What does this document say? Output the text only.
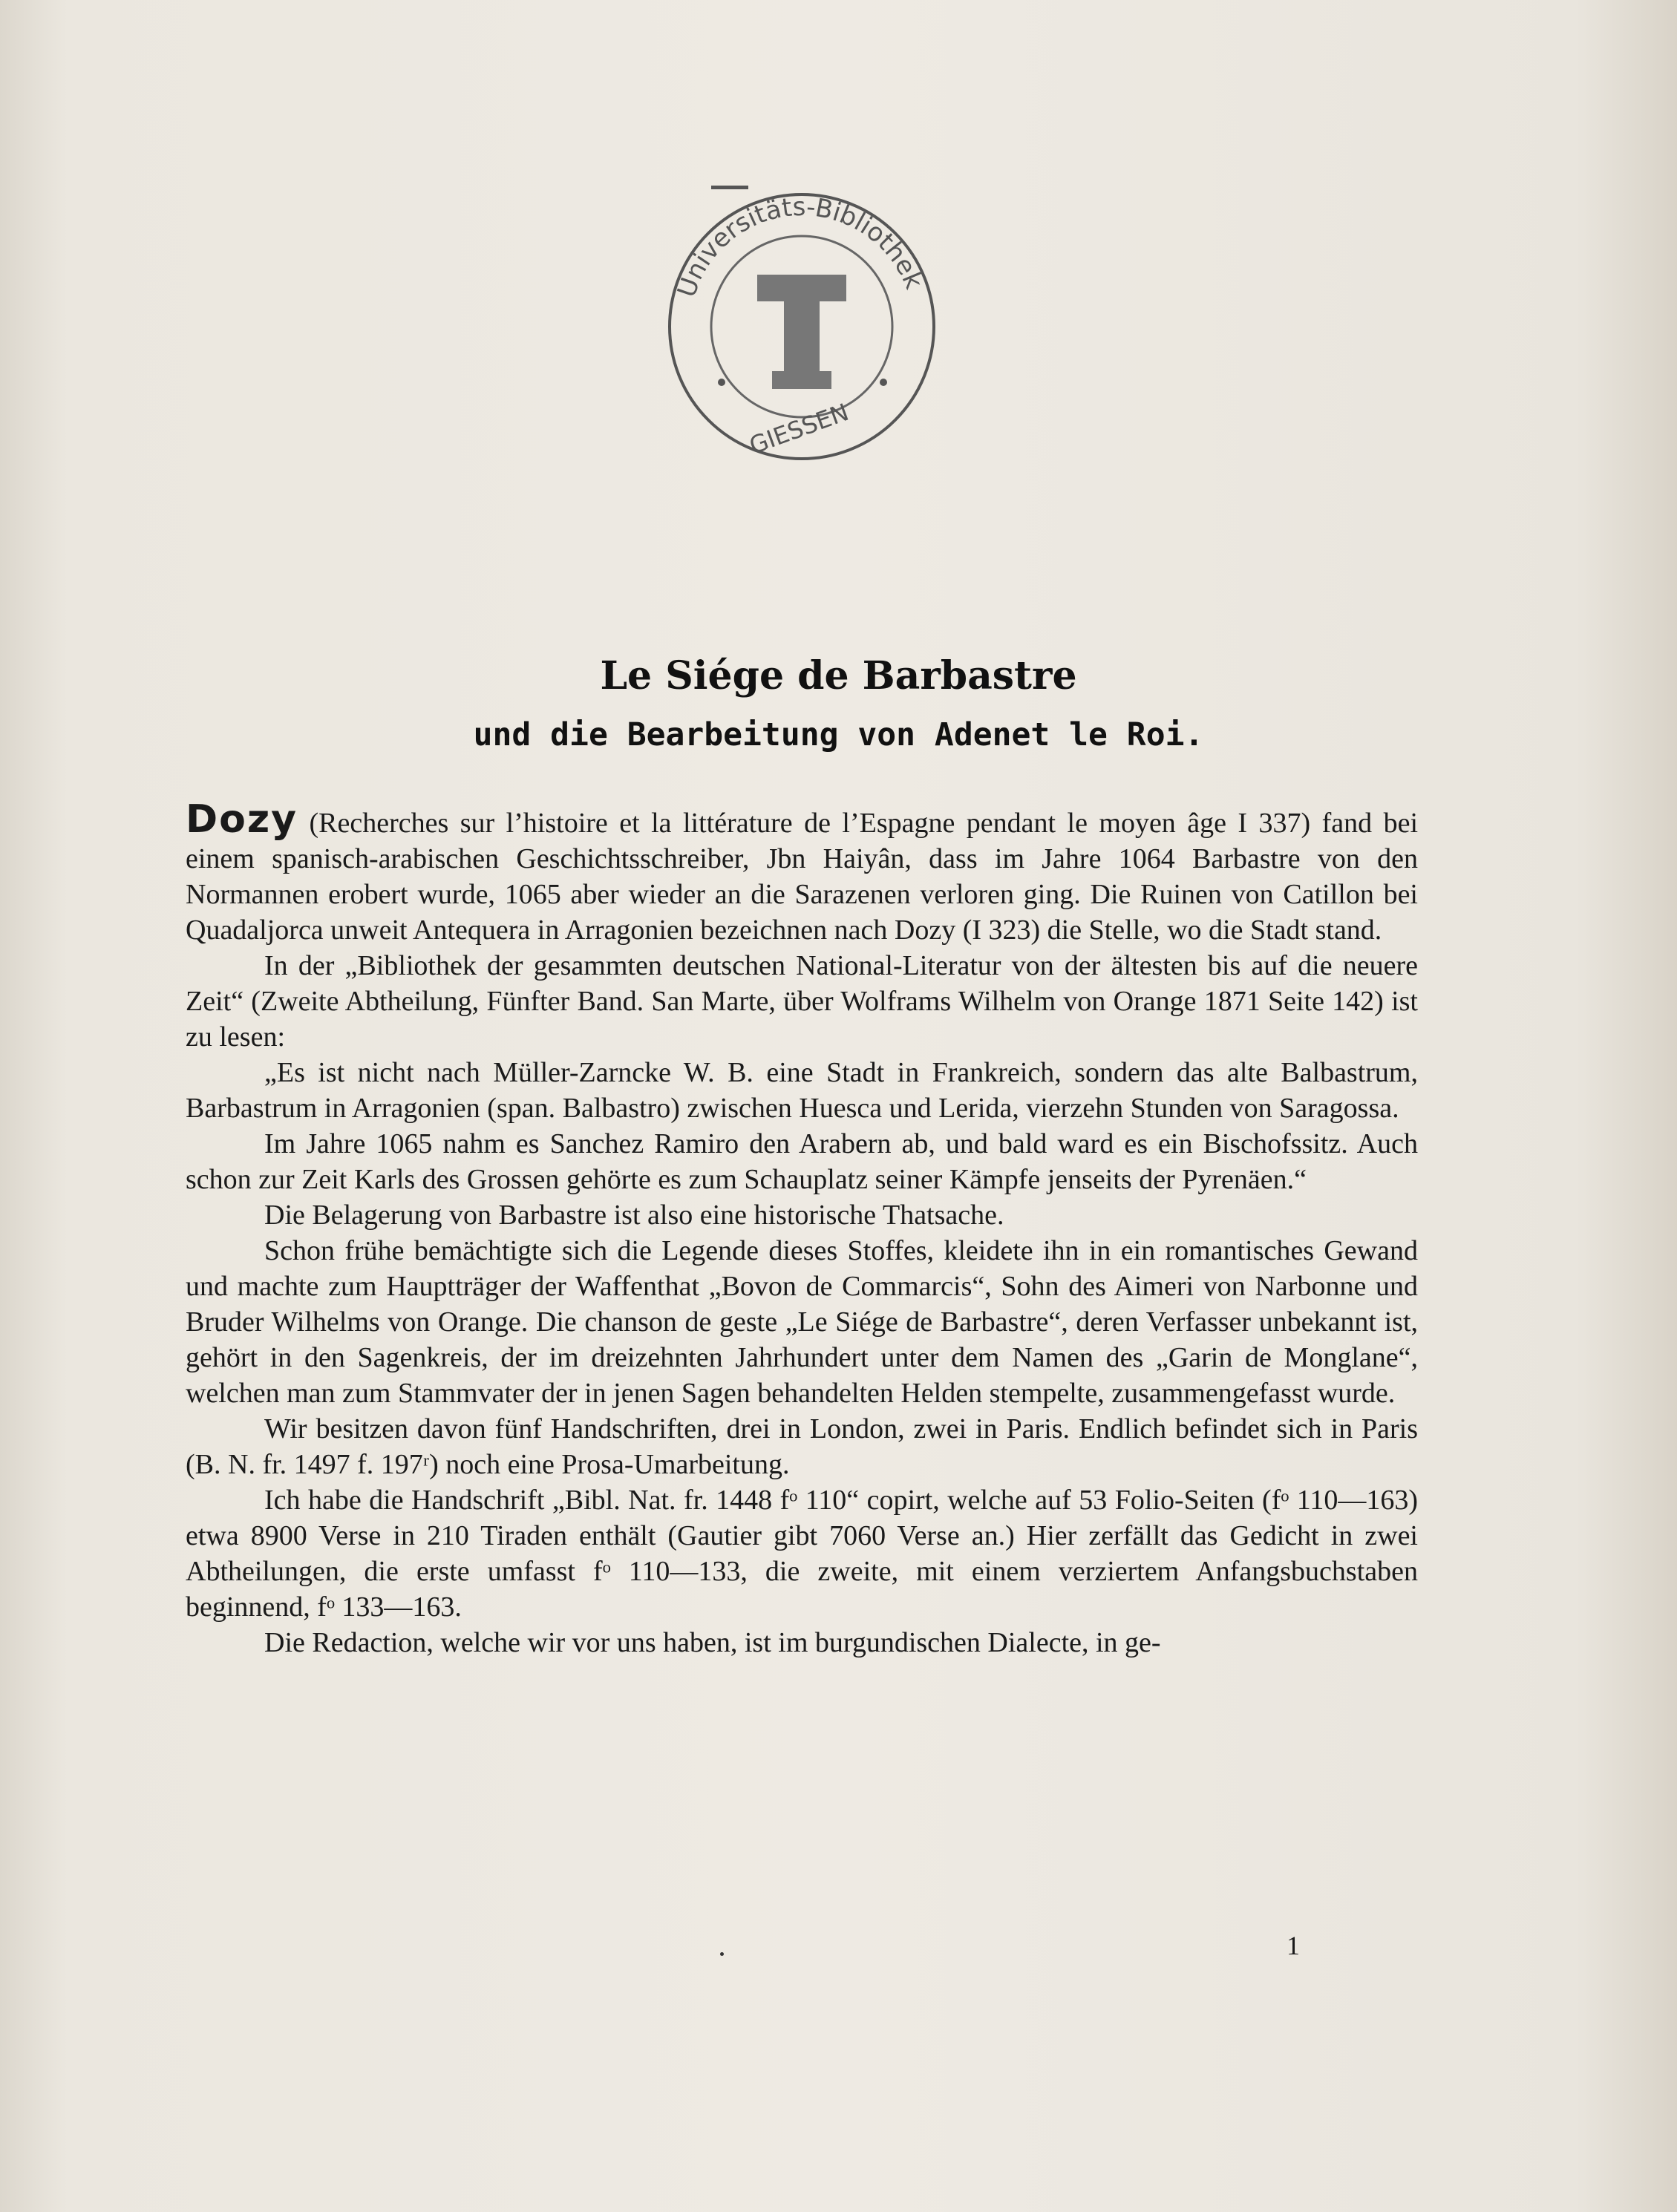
Universitäts-Bibliothek
GIESSEN
Le Siége de Barbastre
und die Bearbeitung von Adenet le Roi.

Dozy (Recherches sur l’histoire et la littérature de l’Espagne pendant le moyen âge I 337) fand bei einem spanisch-arabischen Geschichtsschreiber, Jbn Haiyân, dass im Jahre 1064 Barbastre von den Normannen erobert wurde, 1065 aber wieder an die Sarazenen verloren ging. Die Ruinen von Catillon bei Quadaljorca unweit Antequera in Arragonien bezeichnen nach Dozy (I 323) die Stelle, wo die Stadt stand.

In der „Bibliothek der gesammten deutschen National-Literatur von der ältesten bis auf die neuere Zeit“ (Zweite Abtheilung, Fünfter Band. San Marte, über Wolframs Wilhelm von Orange 1871 Seite 142) ist zu lesen:

„Es ist nicht nach Müller-Zarncke W. B. eine Stadt in Frankreich, sondern das alte Balbastrum, Barbastrum in Arragonien (span. Balbastro) zwischen Huesca und Lerida, vierzehn Stunden von Saragossa.

Im Jahre 1065 nahm es Sanchez Ramiro den Arabern ab, und bald ward es ein Bischofssitz. Auch schon zur Zeit Karls des Grossen gehörte es zum Schauplatz seiner Kämpfe jenseits der Pyrenäen.“

Die Belagerung von Barbastre ist also eine historische Thatsache.

Schon frühe bemächtigte sich die Legende dieses Stoffes, kleidete ihn in ein romantisches Gewand und machte zum Hauptträger der Waffenthat „Bovon de Commarcis“, Sohn des Aimeri von Narbonne und Bruder Wilhelms von Orange. Die chanson de geste „Le Siége de Barbastre“, deren Verfasser unbekannt ist, gehört in den Sagenkreis, der im dreizehnten Jahrhundert unter dem Namen des „Garin de Monglane“, welchen man zum Stammvater der in jenen Sagen behandelten Helden stempelte, zusammengefasst wurde.

Wir besitzen davon fünf Handschriften, drei in London, zwei in Paris. Endlich befindet sich in Paris (B. N. fr. 1497 f. 197ʳ) noch eine Prosa-Umarbeitung.

Ich habe die Handschrift „Bibl. Nat. fr. 1448 fᵒ 110“ copirt, welche auf 53 Folio-Seiten (fᵒ 110—163) etwa 8900 Verse in 210 Tiraden enthält (Gautier gibt 7060 Verse an.) Hier zerfällt das Gedicht in zwei Abtheilungen, die erste umfasst fᵒ 110—133, die zweite, mit einem verziertem Anfangsbuchstaben beginnend, fᵒ 133—163.

Die Redaction, welche wir vor uns haben, ist im burgundischen Dialecte, in ge-

1
